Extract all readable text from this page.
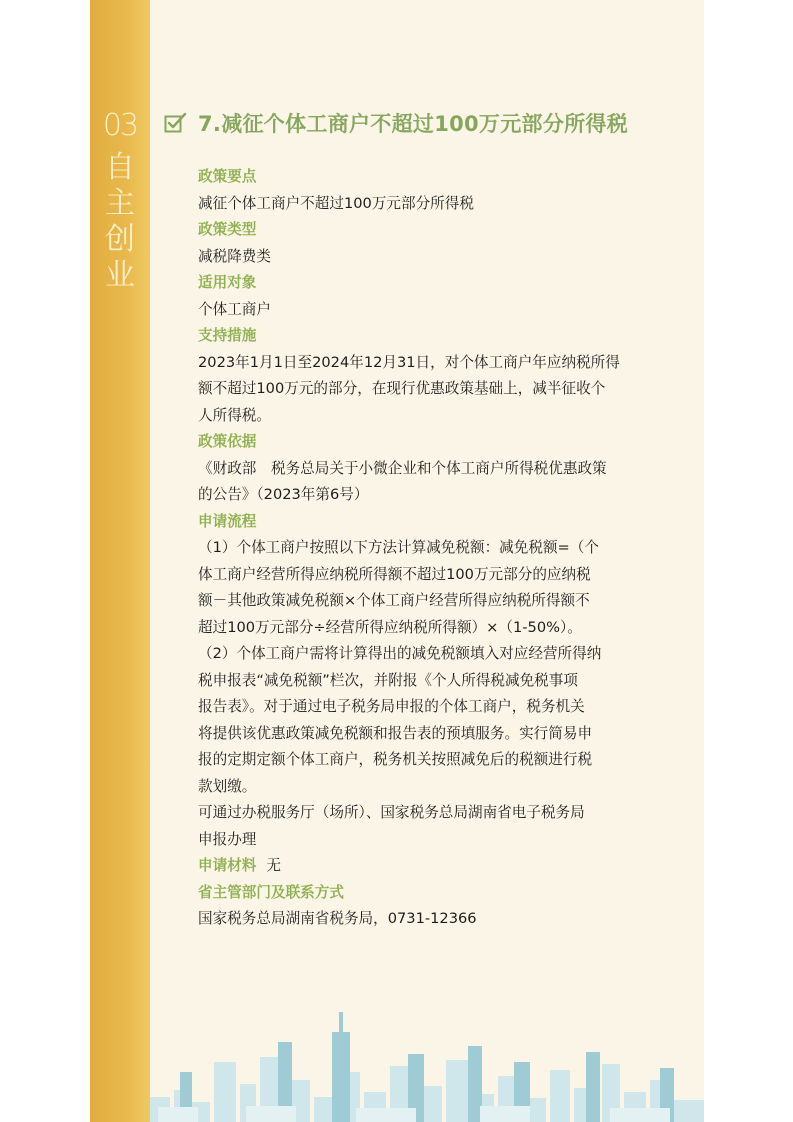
03
自
主
创
业
7.减征个体工商户不超过100万元部分所得税
政策要点

减征个体工商户不超过100万元部分所得税

政策类型

减税降费类

适用对象

个体工商户

支持措施

2023年1月1日至2024年12月31日，对个体工商户年应纳税所得

额不超过100万元的部分，在现行优惠政策基础上，减半征收个

人所得税。

政策依据

《财政部　税务总局关于小微企业和个体工商户所得税优惠政策

的公告》（2023年第6号）

申请流程

（1）个体工商户按照以下方法计算减免税额：减免税额=（个

体工商户经营所得应纳税所得额不超过100万元部分的应纳税

额－其他政策减免税额×个体工商户经营所得应纳税所得额不

超过100万元部分÷经营所得应纳税所得额）×（1-50%）。

（2）个体工商户需将计算得出的减免税额填入对应经营所得纳

税申报表“减免税额”栏次，并附报《个人所得税减免税事项

报告表》。对于通过电子税务局申报的个体工商户，税务机关

将提供该优惠政策减免税额和报告表的预填服务。实行简易申

报的定期定额个体工商户，税务机关按照减免后的税额进行税

款划缴。

可通过办税服务厅（场所）、国家税务总局湖南省电子税务局

申报办理

申请材料 无
省主管部门及联系方式

国家税务总局湖南省税务局，0731-12366
